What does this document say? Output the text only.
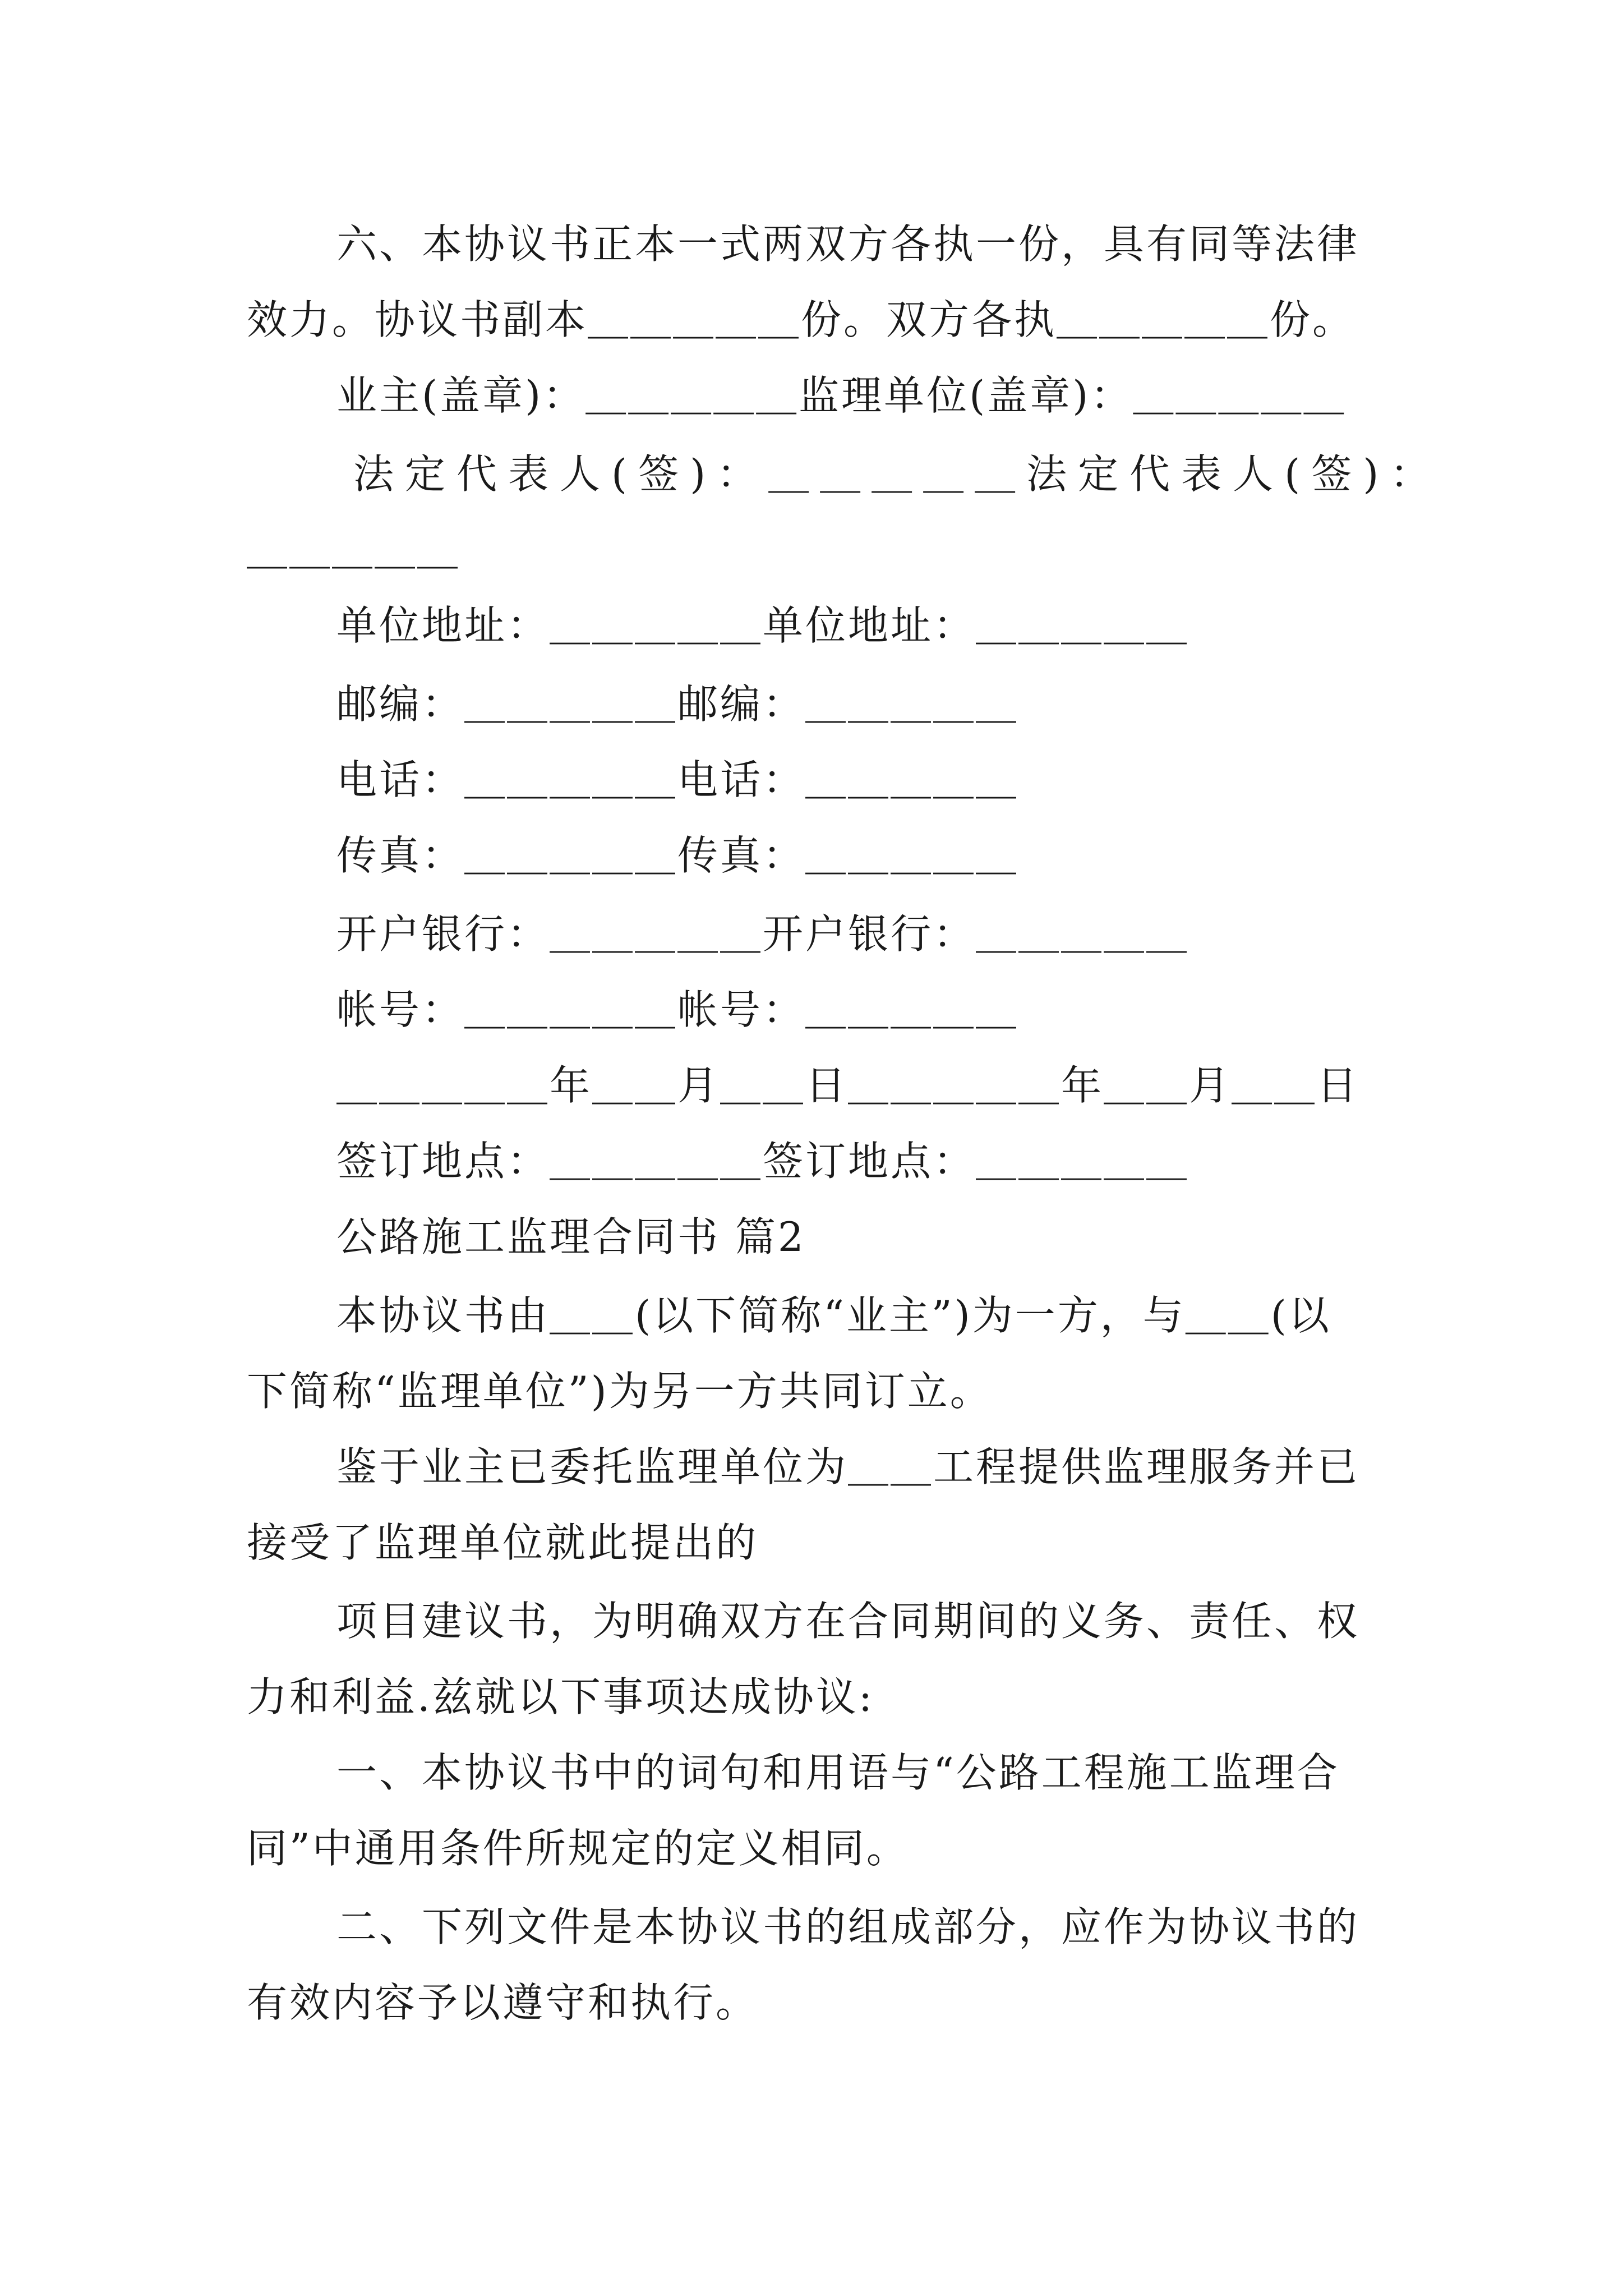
六、本协议书正本一式两双方各执一份，具有同等法律
效力。协议书副本＿＿＿＿＿份。双方各执＿＿＿＿＿份。
业主(盖章)：＿＿＿＿＿监理单位(盖章)：＿＿＿＿＿
法定代表人(签)：＿＿＿＿＿法定代表人(签)：
＿＿＿＿＿
单位地址：＿＿＿＿＿单位地址：＿＿＿＿＿
邮编：＿＿＿＿＿邮编：＿＿＿＿＿
电话：＿＿＿＿＿电话：＿＿＿＿＿
传真：＿＿＿＿＿传真：＿＿＿＿＿
开户银行：＿＿＿＿＿开户银行：＿＿＿＿＿
帐号：＿＿＿＿＿帐号：＿＿＿＿＿
＿＿＿＿＿年＿＿月＿＿日＿＿＿＿＿年＿＿月＿＿日
签订地点：＿＿＿＿＿签订地点：＿＿＿＿＿
公路施工监理合同书 篇2
本协议书由＿＿(以下简称“业主”)为一方，与＿＿(以
下简称“监理单位”)为另一方共同订立。
鉴于业主已委托监理单位为＿＿工程提供监理服务并已
接受了监理单位就此提出的
项目建议书，为明确双方在合同期间的义务、责任、权
力和利益.兹就以下事项达成协议:
一、本协议书中的词句和用语与“公路工程施工监理合
同”中通用条件所规定的定义相同。
二、下列文件是本协议书的组成部分，应作为协议书的
有效内容予以遵守和执行。
